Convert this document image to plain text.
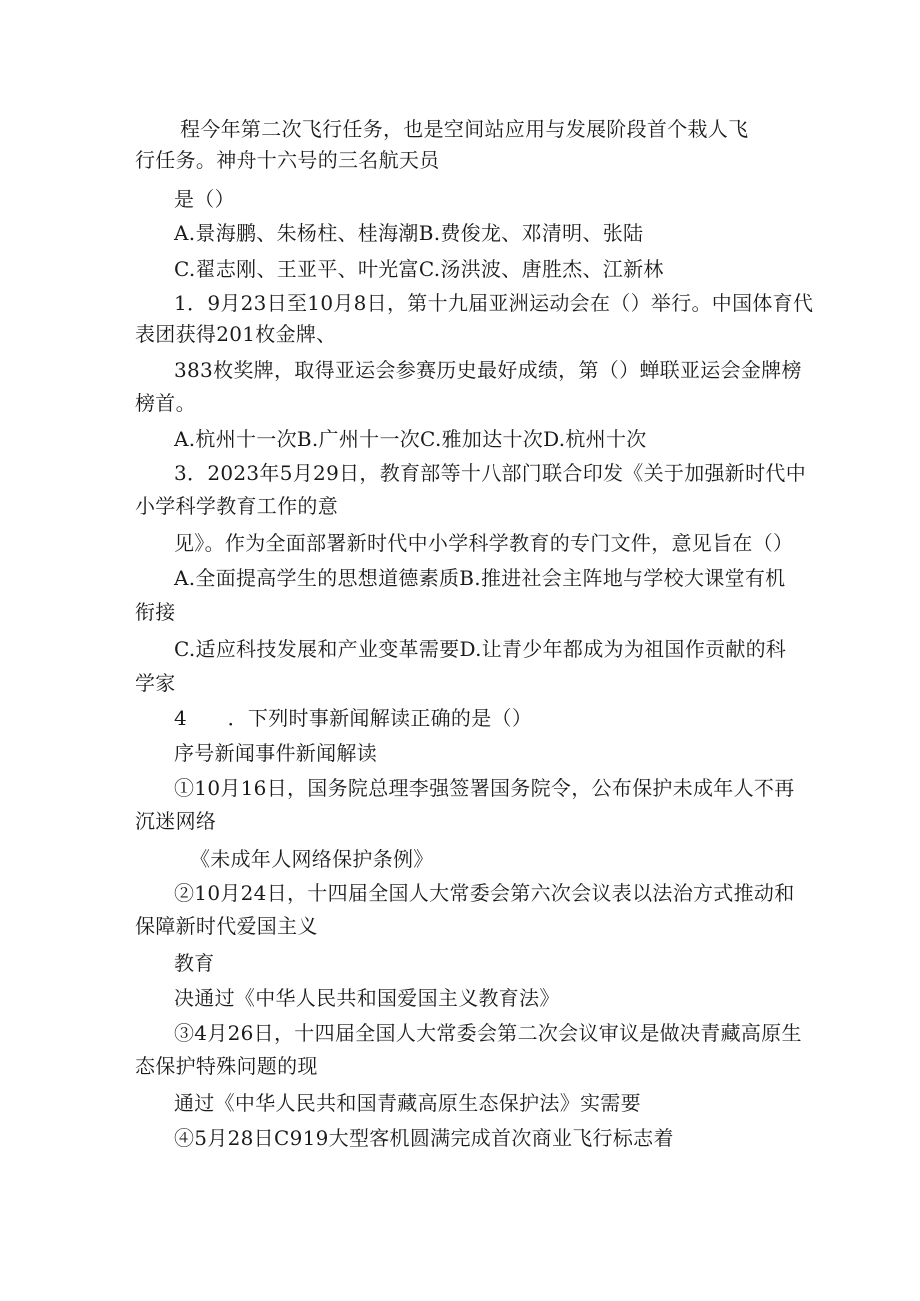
程今年第二次飞行任务，也是空间站应用与发展阶段首个栽人飞
行任务。神舟十六号的三名航天员
是（）
A.景海鹏、朱杨柱、桂海潮B.费俊龙、邓清明、张陆
C.翟志刚、王亚平、叶光富C.汤洪波、唐胜杰、江新林
1．9月23日至10月8日，第十九届亚洲运动会在（）举行。中国体育代
表团获得201枚金牌、
383枚奖牌，取得亚运会参赛历史最好成绩，第（）蝉联亚运会金牌榜
榜首。
A.杭州十一次B.广州十一次C.雅加达十次D.杭州十次
3．2023年5月29日，教育部等十八部门联合印发《关于加强新时代中
小学科学教育工作的意
见》。作为全面部署新时代中小学科学教育的专门文件，意见旨在（）
A.全面提高学生的思想道德素质B.推进社会主阵地与学校大课堂有机
衔接
C.适应科技发展和产业变革需要D.让青少年都成为为祖国作贡献的科
学家
4　　．下列时事新闻解读正确的是（）
序号新闻事件新闻解读
①10月16日，国务院总理李强签署国务院令，公布保护未成年人不再
沉迷网络
《未成年人网络保护条例》
②10月24日，十四届全国人大常委会第六次会议表以法治方式推动和
保障新时代爱国主义
教育
决通过《中华人民共和国爱国主义教育法》
③4月26日，十四届全国人大常委会第二次会议审议是做决青藏高原生
态保护特殊问题的现
通过《中华人民共和国青藏高原生态保护法》实需要
④5月28日C919大型客机圆满完成首次商业飞行标志着
